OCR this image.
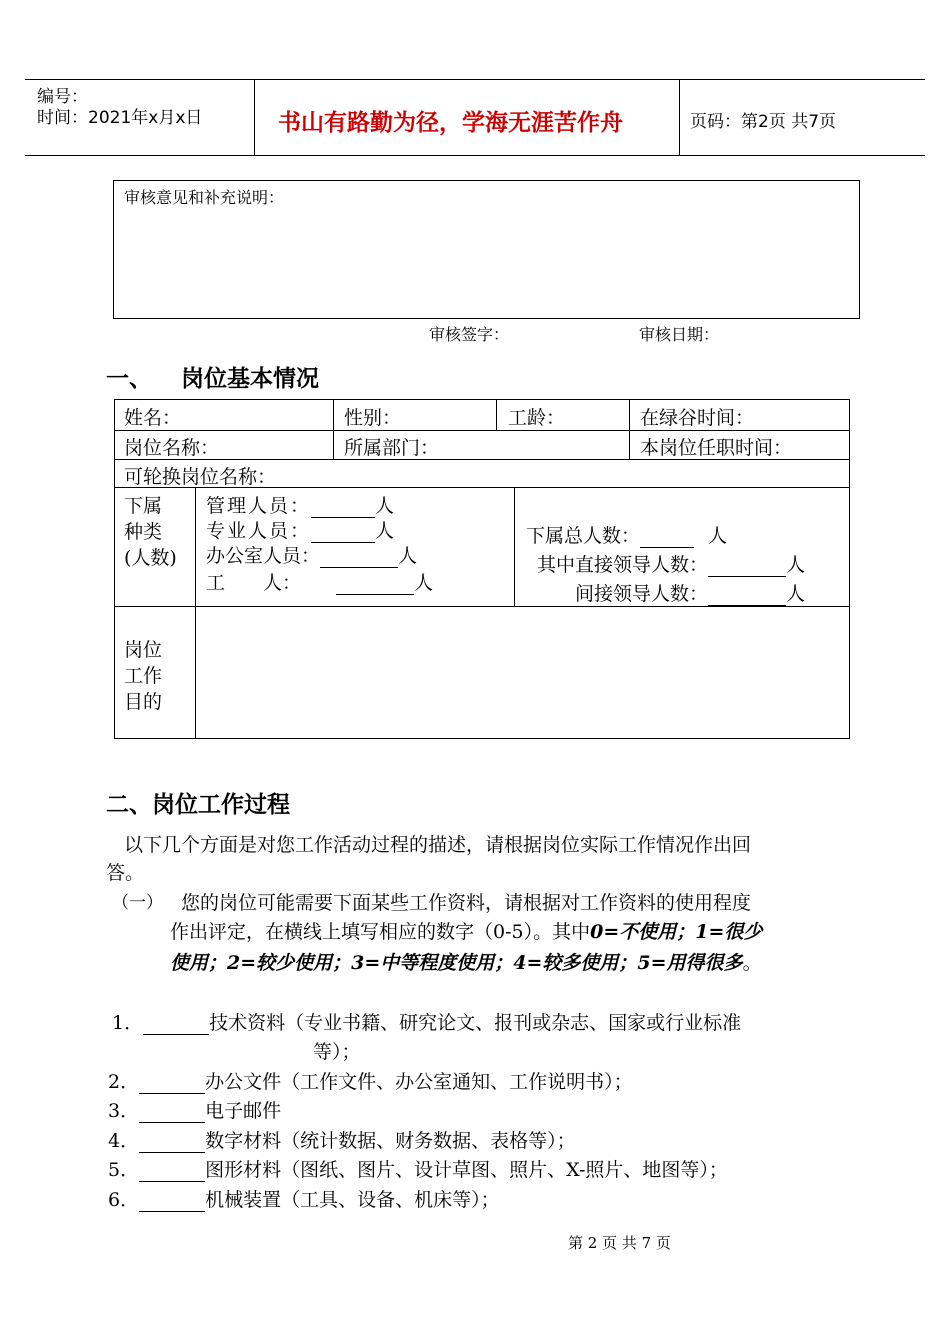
编号：
时间：2021年x月x日	书山有路勤为径，学海无涯苦作舟	页码：第2页 共7页
审核意见和补充说明：
审核签字：	审核日期：
一、 岗位基本情况
姓名：	性别：	工龄：	在绿谷时间：
岗位名称：	所属部门：	本岗位任职时间：
可轮换岗位名称：
下属
种类
(人数)
管理人员：	人
专业人员：	人
办公室人员：	人
工　　人：	人
下属总人数：	人
其中直接领导人数：	人
间接领导人数：	人
岗位
工作
目的
二、岗位工作过程
以下几个方面是对您工作活动过程的描述，请根据岗位实际工作情况作出回
答。
（一） 您的岗位可能需要下面某些工作资料，请根据对工作资料的使用程度
作出评定，在横线上填写相应的数字（0-5）。其中0=不使用；1=很少
使用；2=较少使用；3=中等程度使用；4=较多使用；5=用得很多。
1．	技术资料（专业书籍、研究论文、报刊或杂志、国家或行业标准
等）；
2．	办公文件（工作文件、办公室通知、工作说明书）；
3．	电子邮件
4．	数字材料（统计数据、财务数据、表格等）；
5．	图形材料（图纸、图片、设计草图、照片、X-照片、地图等）；
6．	机械装置（工具、设备、机床等）；
第 2 页 共 7 页
